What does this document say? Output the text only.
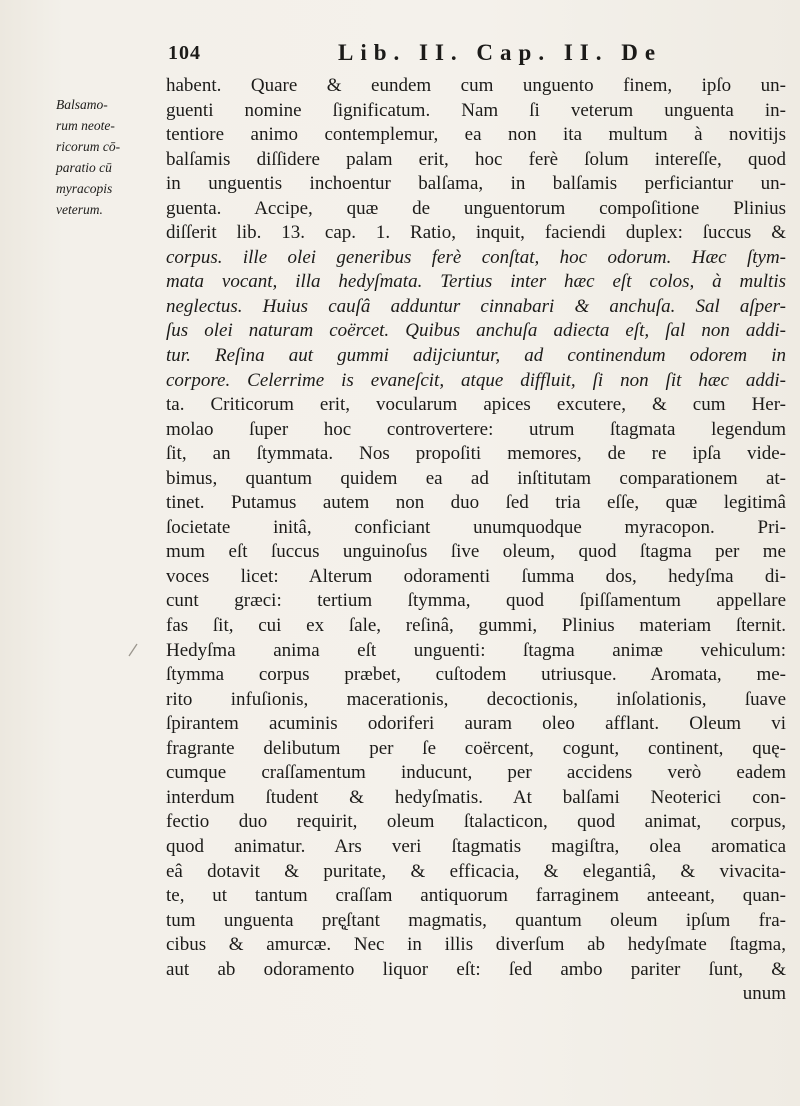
104	Lib. II. Cap. II. De
Balsamo-
rum neote-
ricorum cō-
paratio cū
myracopis
veterum.
habent. Quare & eundem cum unguento finem, ipſo un-
guenti nomine ſignificatum. Nam ſi veterum unguenta in-
tentiore animo contemplemur, ea non ita multum à novitijs
balſamis diſſidere palam erit, hoc ferè ſolum intereſſe, quod
in unguentis inchoentur balſama, in balſamis perficiantur un-
guenta. Accipe, quæ de unguentorum compoſitione Plinius
diſſerit lib. 13. cap. 1. Ratio, inquit, faciendi duplex: ſuccus &
corpus. ille olei generibus ferè conſtat, hoc odorum. Hæc ſtym-
mata vocant, illa hedyſmata. Tertius inter hæc eſt colos, à multis
neglectus. Huius cauſâ adduntur cinnabari & anchuſa. Sal aſper-
ſus olei naturam coërcet. Quibus anchuſa adiecta eſt, ſal non addi-
tur. Reſina aut gummi adijciuntur, ad continendum odorem in
corpore. Celerrime is evaneſcit, atque diffluit, ſi non ſit hæc addi-
ta. Criticorum erit, vocularum apices excutere, & cum Her-
molao ſuper hoc controvertere: utrum ſtagmata legendum
ſit, an ſtymmata. Nos propoſiti memores, de re ipſa vide-
bimus, quantum quidem ea ad inſtitutam comparationem at-
tinet. Putamus autem non duo ſed tria eſſe, quæ legitimâ
ſocietate initâ, conficiant unumquodque myracopon. Pri-
mum eſt ſuccus unguinoſus ſive oleum, quod ſtagma per me
voces licet: Alterum odoramenti ſumma dos, hedyſma di-
cunt græci: tertium ſtymma, quod ſpiſſamentum appellare
fas ſit, cui ex ſale, reſinâ, gummi, Plinius materiam ſternit.
Hedyſma anima eſt unguenti: ſtagma animæ vehiculum:
ſtymma corpus præbet, cuſtodem utriusque. Aromata, me-
rito infuſionis, macerationis, decoctionis, inſolationis, ſuave
ſpirantem acuminis odoriferi auram oleo afflant. Oleum vi
fragrante delibutum per ſe coërcent, cogunt, continent, quę-
cumque craſſamentum inducunt, per accidens verò eadem
interdum ſtudent & hedyſmatis. At balſami Neoterici con-
fectio duo requirit, oleum ſtalacticon, quod animat, corpus,
quod animatur. Ars veri ſtagmatis magiſtra, olea aromatica
eâ dotavit & puritate, & efficacia, & elegantiâ, & vivacita-
te, ut tantum craſſam antiquorum farraginem anteeant, quan-
tum unguenta prę̨ſtant magmatis, quantum oleum ipſum fra-
cibus & amurcæ. Nec in illis diverſum ab hedyſmate ſtagma,
aut ab odoramento liquor eſt: ſed ambo pariter ſunt, &
unum
